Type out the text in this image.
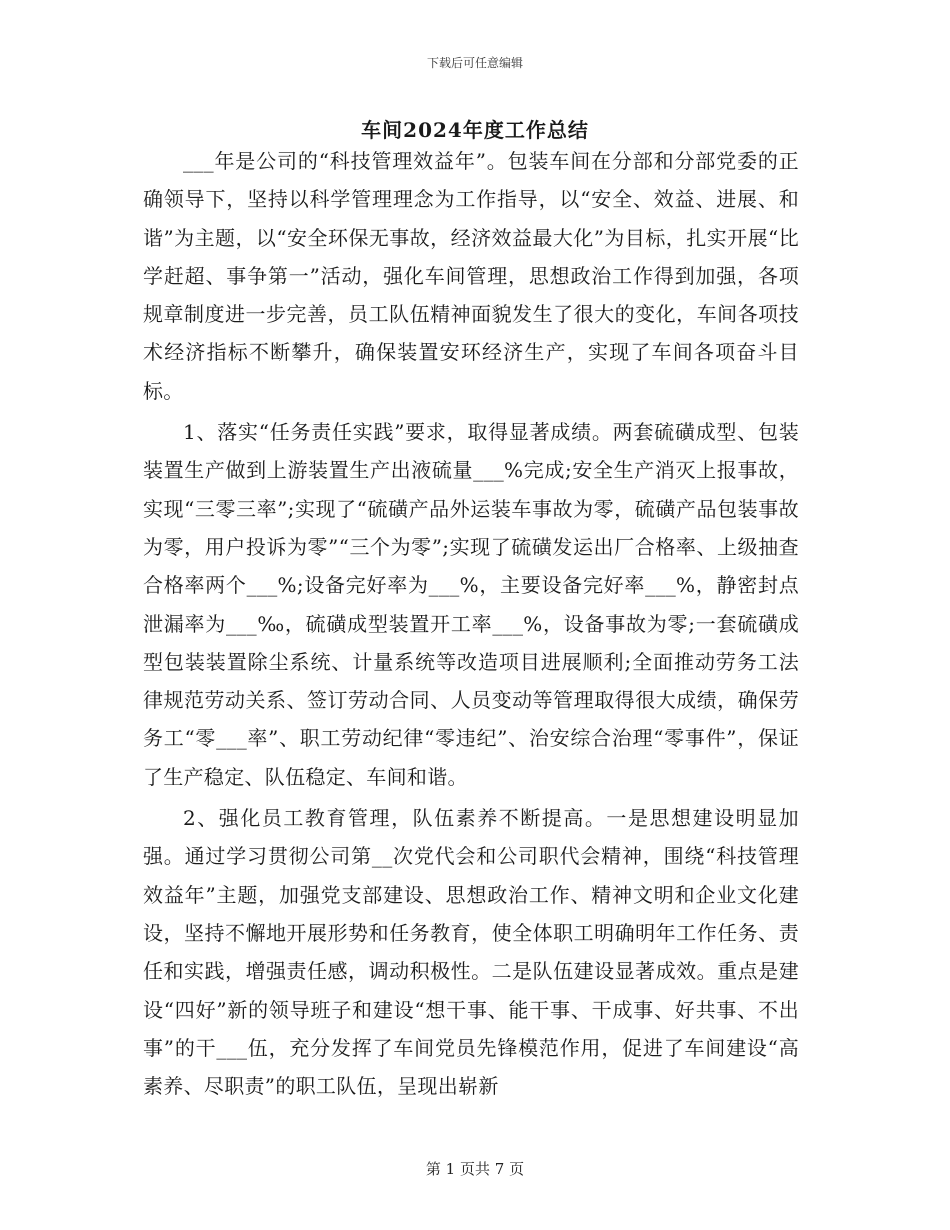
下载后可任意编辑
车间2024年度工作总结

___年是公司的“科技管理效益年”。包装车间在分部和分部党委的正确领导下，坚持以科学管理理念为工作指导，以“安全、效益、进展、和谐”为主题，以“安全环保无事故，经济效益最大化”为目标，扎实开展“比学赶超、事争第一”活动，强化车间管理，思想政治工作得到加强，各项规章制度进一步完善，员工队伍精神面貌发生了很大的变化，车间各项技术经济指标不断攀升，确保装置安环经济生产，实现了车间各项奋斗目标。

1、落实“任务责任实践”要求，取得显著成绩。两套硫磺成型、包装装置生产做到上游装置生产出液硫量___%完成;安全生产消灭上报事故，实现“三零三率”;实现了“硫磺产品外运装车事故为零，硫磺产品包装事故为零，用户投诉为零”“三个为零”;实现了硫磺发运出厂合格率、上级抽查合格率两个___%;设备完好率为___%，主要设备完好率___%，静密封点泄漏率为___‰，硫磺成型装置开工率___%，设备事故为零;一套硫磺成型包装装置除尘系统、计量系统等改造项目进展顺利;全面推动劳务工法律规范劳动关系、签订劳动合同、人员变动等管理取得很大成绩，确保劳务工“零___率”、职工劳动纪律“零违纪”、治安综合治理“零事件”，保证了生产稳定、队伍稳定、车间和谐。

2、强化员工教育管理，队伍素养不断提高。一是思想建设明显加强。通过学习贯彻公司第__次党代会和公司职代会精神，围绕“科技管理效益年”主题，加强党支部建设、思想政治工作、精神文明和企业文化建设，坚持不懈地开展形势和任务教育，使全体职工明确明年工作任务、责任和实践，增强责任感，调动积极性。二是队伍建设显著成效。重点是建设“四好”新的领导班子和建设“想干事、能干事、干成事、好共事、不出事”的干___伍，充分发挥了车间党员先锋模范作用，促进了车间建设“高素养、尽职责”的职工队伍，呈现出崭新

第 1 页共 7 页
